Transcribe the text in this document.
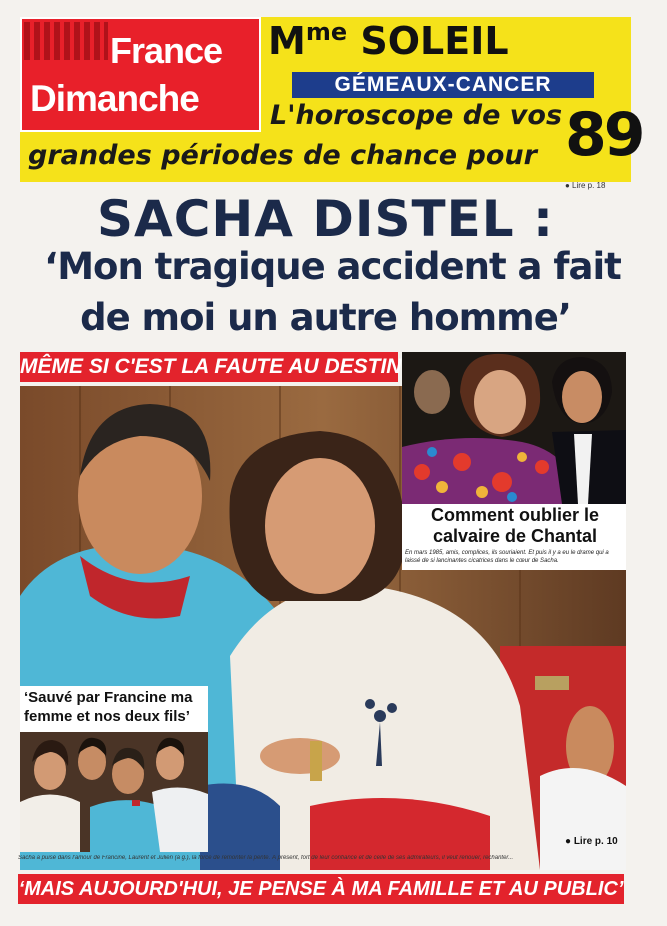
France
Dimanche
$M^{me}$ SOLEIL
GÉMEAUX-CANCER
L'horoscope de vos
grandes périodes de chance pour 89
● Lire p. 18
SACHA DISTEL :
‘Mon tragique accident a fait
de moi un autre homme’
MÊME SI C'EST LA FAUTE AU DESTIN
Comment oublier le
calvaire de Chantal
En mars 1985, amis, complices, ils souriaient. Et puis il y a eu le drame qui a laissé de si lancinantes cicatrices dans le cœur de Sacha.
‘Sauvé par Francine ma
femme et nos deux fils’
Sacha a puisé dans l'amour de Francine, Laurent et Julien (à g.), la force de remonter la pente. À présent, fort de leur confiance et de celle de ses admirateurs, il veut renouer, rechanter...
● Lire p. 10
‘MAIS AUJOURD'HUI, JE PENSE À MA FAMILLE ET AU PUBLIC’
